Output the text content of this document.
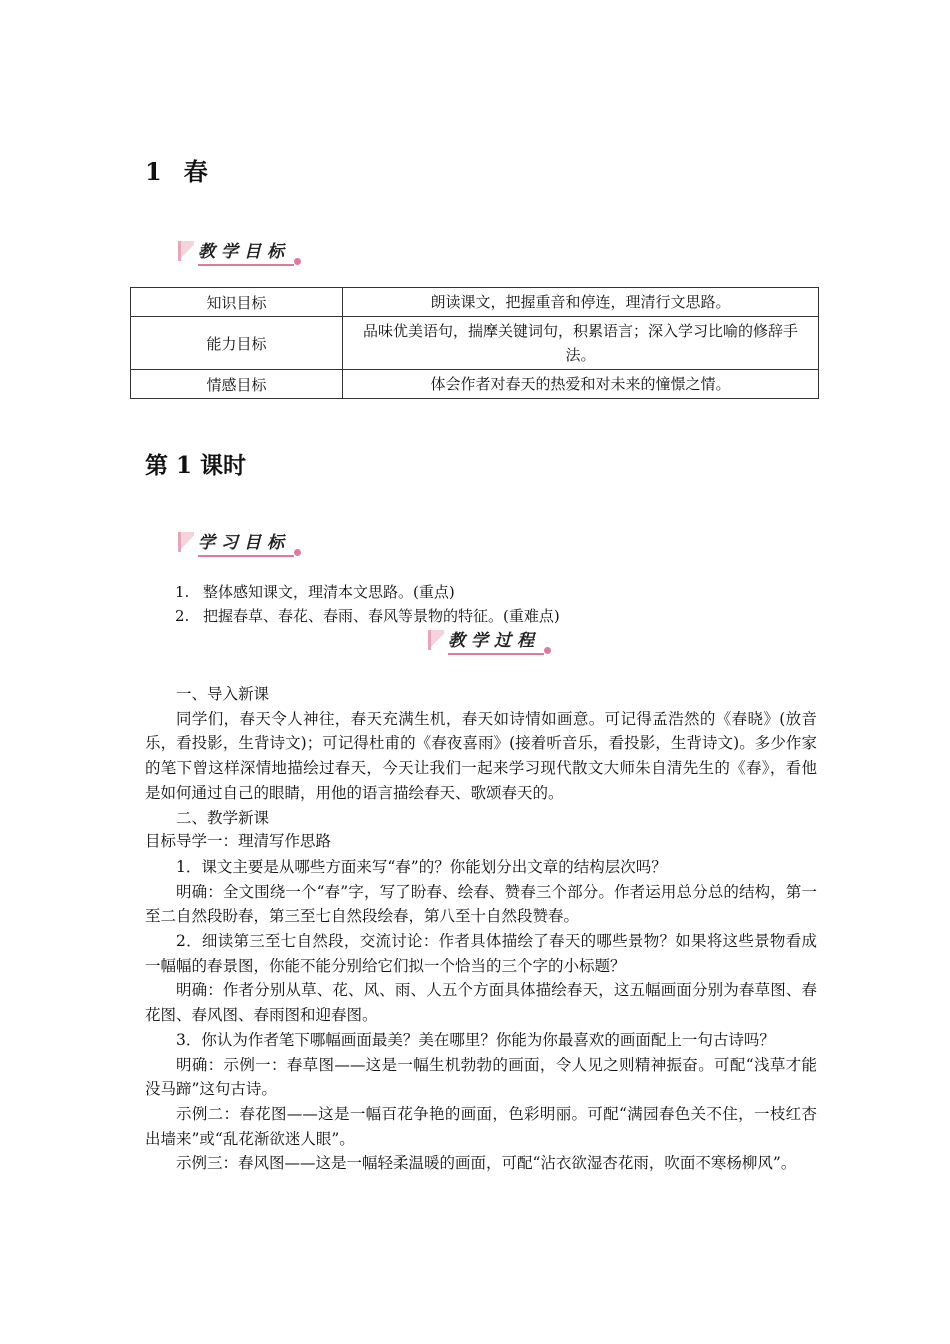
1 春
教学目标
知识目标	朗读课文，把握重音和停连，理清行文思路。
能力目标	品味优美语句，揣摩关键词句，积累语言；深入学习比喻的修辞手法。
情感目标	体会作者对春天的热爱和对未来的憧憬之情。
第 1 课时
学习目标
1. 整体感知课文，理清本文思路。(重点)
2. 把握春草、春花、春雨、春风等景物的特征。(重难点)
教学过程

一、导入新课

同学们，春天令人神往，春天充满生机，春天如诗情如画意。可记得孟浩然的《春晓》(放音乐，看投影，生背诗文)；可记得杜甫的《春夜喜雨》(接着听音乐，看投影，生背诗文)。多少作家的笔下曾这样深情地描绘过春天，今天让我们一起来学习现代散文大师朱自清先生的《春》，看他是如何通过自己的眼睛，用他的语言描绘春天、歌颂春天的。

二、教学新课

目标导学一：理清写作思路

1．课文主要是从哪些方面来写“春”的？你能划分出文章的结构层次吗？

明确：全文围绕一个“春”字，写了盼春、绘春、赞春三个部分。作者运用总分总的结构，第一至二自然段盼春，第三至七自然段绘春，第八至十自然段赞春。

2．细读第三至七自然段，交流讨论：作者具体描绘了春天的哪些景物？如果将这些景物看成一幅幅的春景图，你能不能分别给它们拟一个恰当的三个字的小标题？

明确：作者分别从草、花、风、雨、人五个方面具体描绘春天，这五幅画面分别为春草图、春花图、春风图、春雨图和迎春图。

3．你认为作者笔下哪幅画面最美？美在哪里？你能为你最喜欢的画面配上一句古诗吗？

明确：示例一：春草图——这是一幅生机勃勃的画面，令人见之则精神振奋。可配“浅草才能没马蹄”这句古诗。

示例二：春花图——这是一幅百花争艳的画面，色彩明丽。可配“满园春色关不住，一枝红杏出墙来”或“乱花渐欲迷人眼”。

示例三：春风图——这是一幅轻柔温暖的画面，可配“沾衣欲湿杏花雨，吹面不寒杨柳风”。
